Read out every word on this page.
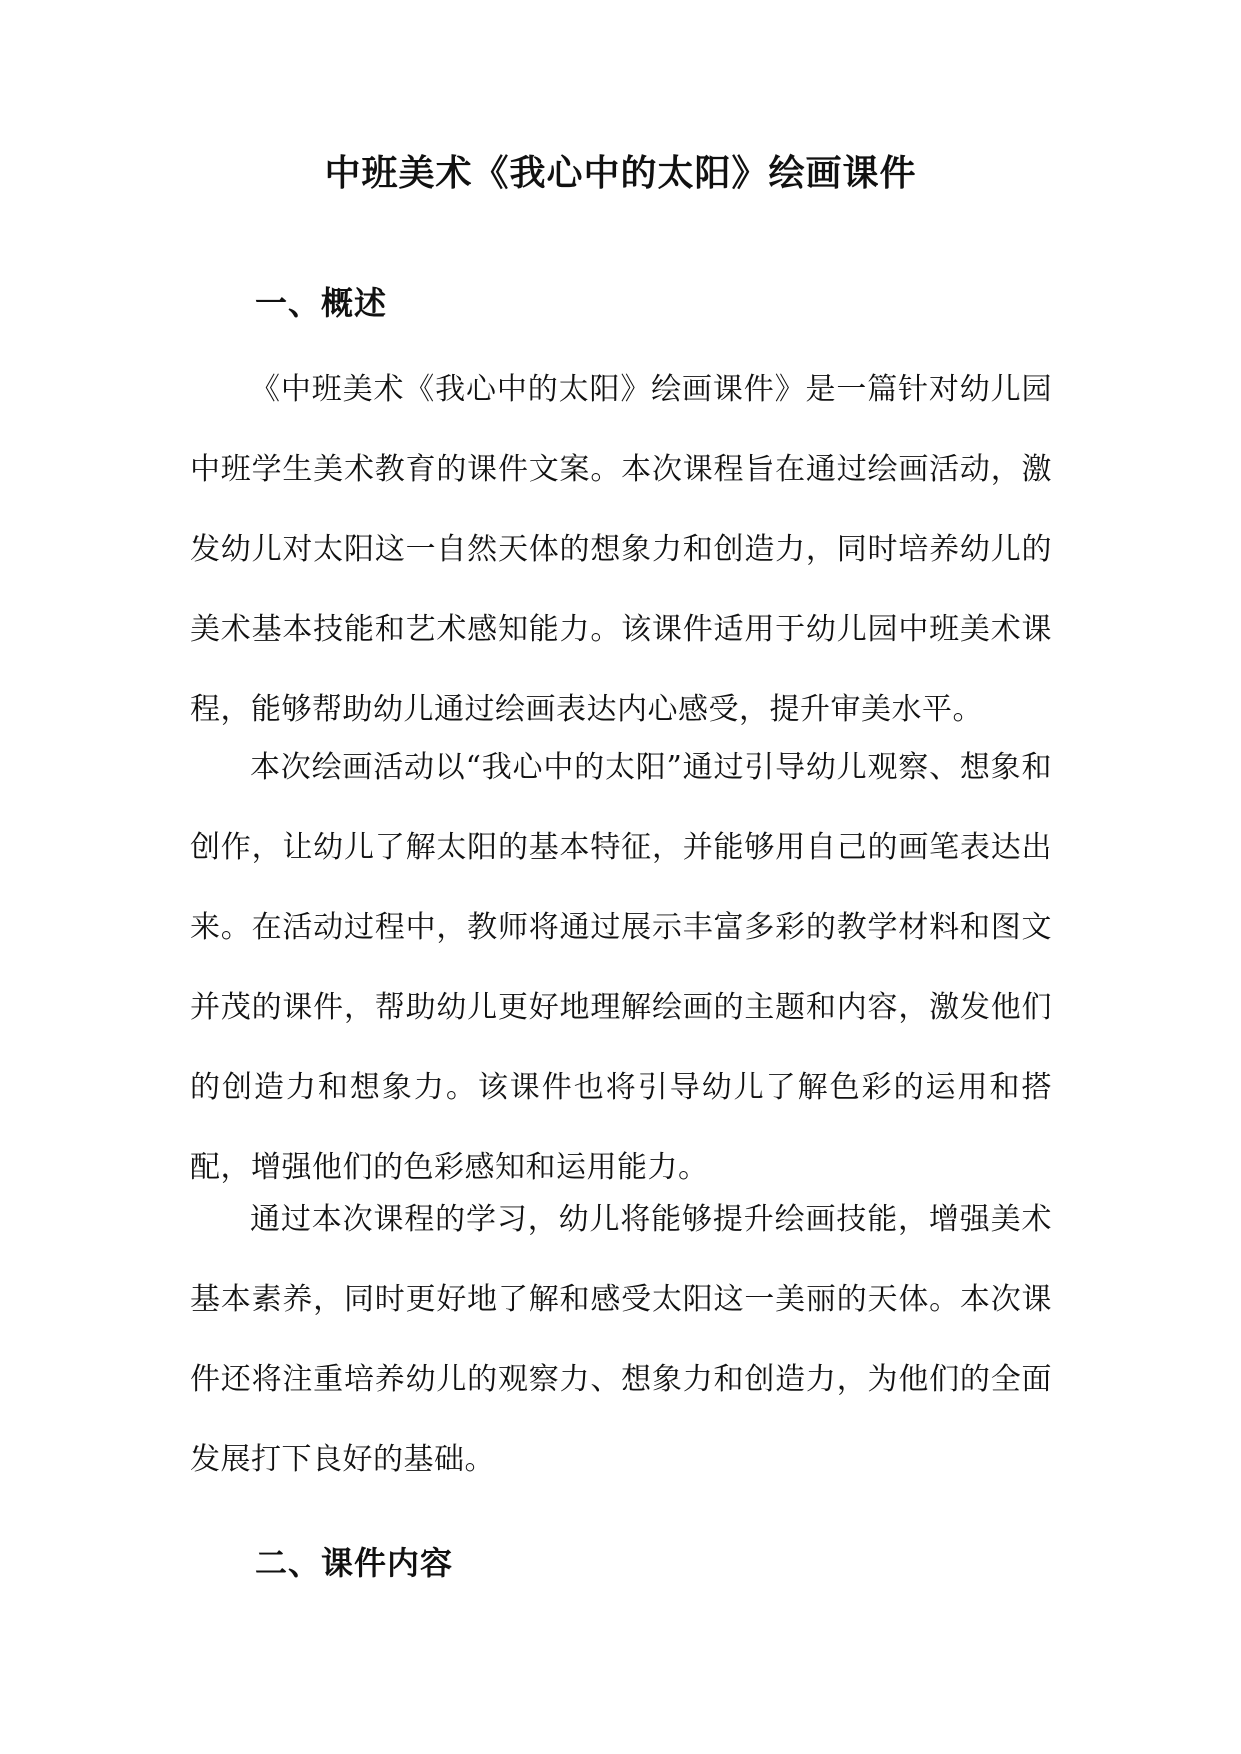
中班美术《我心中的太阳》绘画课件
一、概述

《中班美术《我心中的太阳》绘画课件》是一篇针对幼儿园中班学生美术教育的课件文案。本次课程旨在通过绘画活动，激发幼儿对太阳这一自然天体的想象力和创造力，同时培养幼儿的美术基本技能和艺术感知能力。该课件适用于幼儿园中班美术课程，能够帮助幼儿通过绘画表达内心感受，提升审美水平。

本次绘画活动以“我心中的太阳”通过引导幼儿观察、想象和创作，让幼儿了解太阳的基本特征，并能够用自己的画笔表达出来。在活动过程中，教师将通过展示丰富多彩的教学材料和图文并茂的课件，帮助幼儿更好地理解绘画的主题和内容，激发他们的创造力和想象力。该课件也将引导幼儿了解色彩的运用和搭配，增强他们的色彩感知和运用能力。

通过本次课程的学习，幼儿将能够提升绘画技能，增强美术基本素养，同时更好地了解和感受太阳这一美丽的天体。本次课件还将注重培养幼儿的观察力、想象力和创造力，为他们的全面发展打下良好的基础。

二、课件内容
